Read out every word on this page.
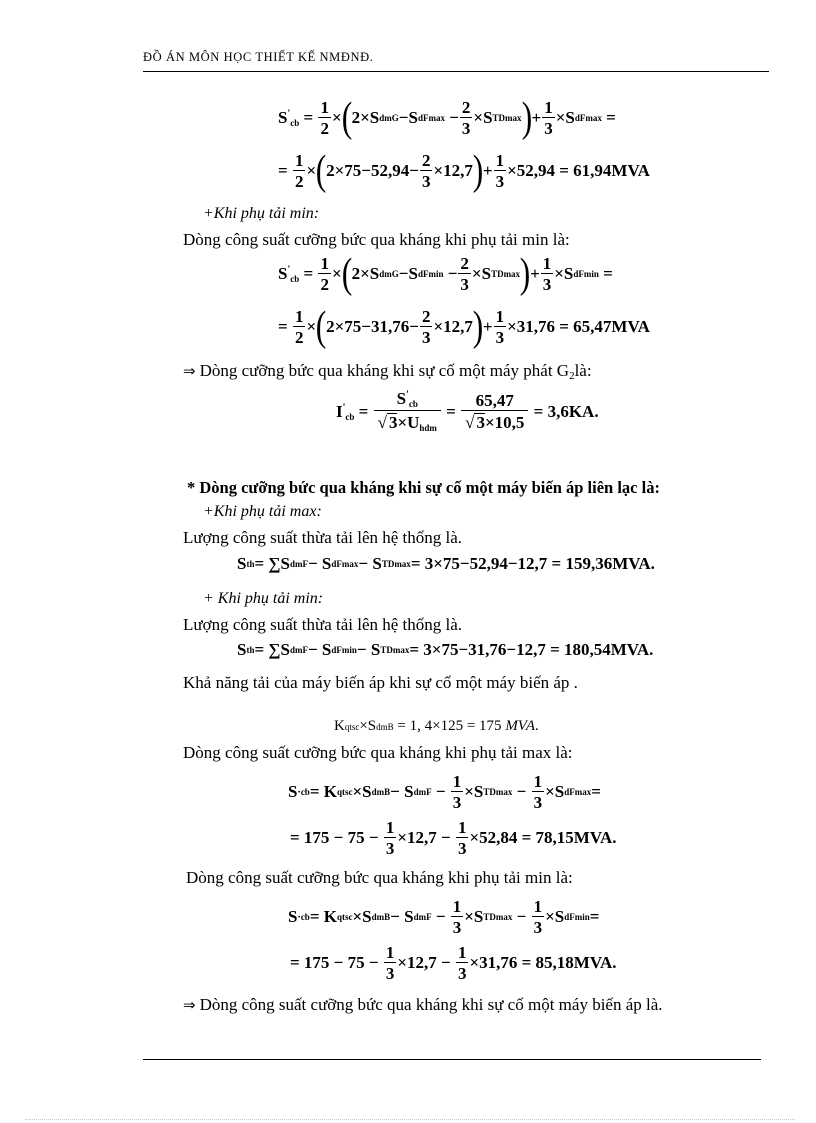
ĐỒ ÁN MÔN HỌC THIẾT KẾ NMĐNĐ.
$S'_{cb} = \frac{1}{2}$ × ( 2×S dmG −S dFmax
− $\frac{2}{3} \times S$ TDmax ) + $\frac{1}{3} \times S$ dFmax
=
=
$\frac{1}{2}$ × ( $2\times 75-52,94- \frac{2}{3} \times 12,7$ ) + $\frac{1}{3} \times 52,94 = 61,94MVA$
+Khi phụ tải min:
Dòng công suất cưỡng bức qua kháng khi phụ tải min là:
$S'_{cb} = \frac{1}{2}$ × ( 2×S dmG −S dFmin
− $\frac{2}{3} \times S$ TDmax ) + $\frac{1}{3} \times S$ dFmin
=
=
$\frac{1}{2}$ × ( $2\times 75-31,76- \frac{2}{3} \times 12,7$ ) + $\frac{1}{3} \times 31,76 = 65,47MVA$
⇒ Dòng cưỡng bức qua kháng khi sự cố một máy phát $G_2là$:
$I'_{cb}$
=
$\frac{S'_{cb}}{√ 3\times U_{hdm}}$
=
$\frac{65,47}{√ 3\times 10,5}$
= 3,6KA.
* Dòng cưỡng bức qua kháng khi sự cố một máy biến áp liên lạc là:
+Khi phụ tải max:
Lượng công suất thừa tải lên hệ thống là.
S th = ∑S dmF − S dFmax − S TDmax = 3×75−52,94−12,7 = 159,36MVA.
+ Khi phụ tải min:
Lượng công suất thừa tải lên hệ thống là.
S th = ∑S dmF − S dFmin − S TDmax = 3×75−31,76−12,7 = 180,54MVA.
Khả năng tải của máy biến áp khi sự cố một máy biến áp .
K qtsc ×S dmB = 1, 4×125 = 175 MVA .
Dòng công suất cưỡng bức qua kháng khi phụ tải max là:
S · cb = K qtsc ×S dmB − S dmF − $\frac{1}{3} \times S$ $TDmax - \frac{1}{3} \times S$ dFmax =
= $175 - 75 - \frac{1}{3} \times 12,7 - \frac{1}{3} \times 52,84 = 78,15MVA$.
Dòng công suất cưỡng bức qua kháng khi phụ tải min là:
S · cb = K qtsc ×S dmB − S dmF − $\frac{1}{3} \times S$ $TDmax - \frac{1}{3} \times S$ dFmin =
= $175 - 75 - \frac{1}{3} \times 12,7 - \frac{1}{3} \times 31,76 = 85,18MVA$.
⇒ Dòng công suất cưỡng bức qua kháng khi sự cố một máy biến áp là.
